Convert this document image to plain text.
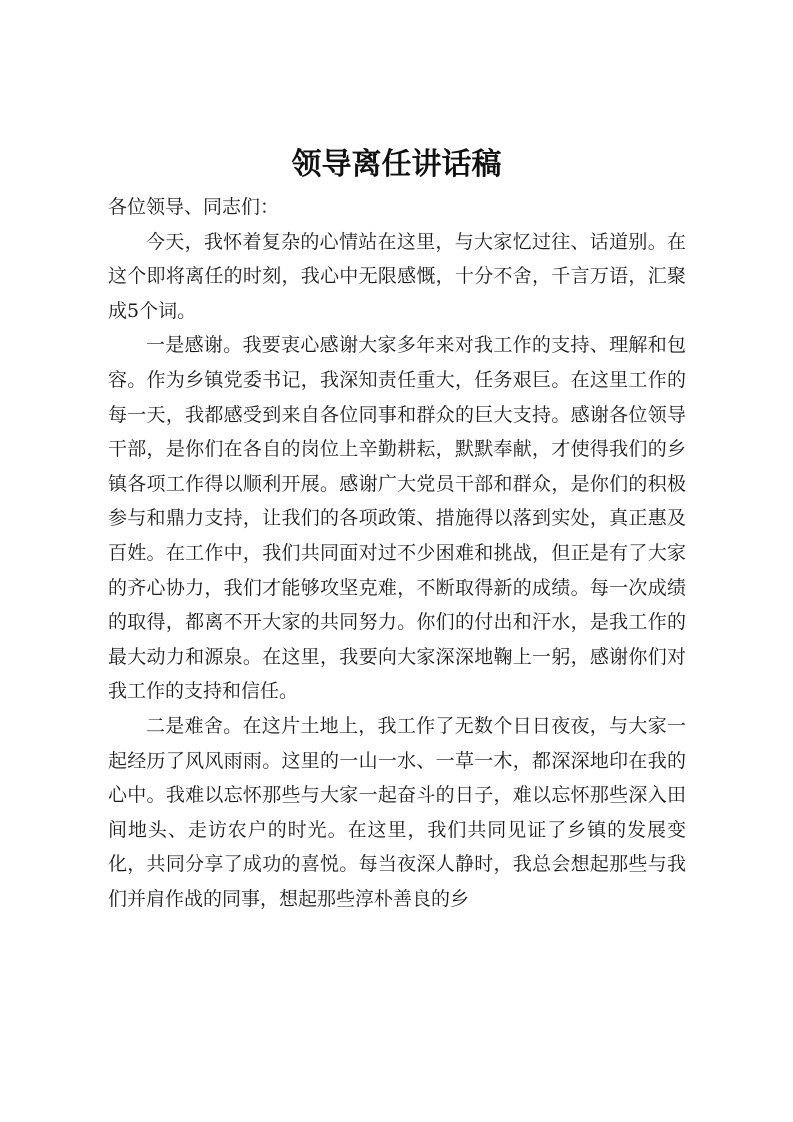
领导离任讲话稿

各位领导、同志们：

今天，我怀着复杂的心情站在这里，与大家忆过往、话道别。在这个即将离任的时刻，我心中无限感慨，十分不舍，千言万语，汇聚成5个词。

一是感谢。我要衷心感谢大家多年来对我工作的支持、理解和包容。作为乡镇党委书记，我深知责任重大，任务艰巨。在这里工作的每一天，我都感受到来自各位同事和群众的巨大支持。感谢各位领导干部，是你们在各自的岗位上辛勤耕耘，默默奉献，才使得我们的乡镇各项工作得以顺利开展。感谢广大党员干部和群众，是你们的积极参与和鼎力支持，让我们的各项政策、措施得以落到实处，真正惠及百姓。在工作中，我们共同面对过不少困难和挑战，但正是有了大家的齐心协力，我们才能够攻坚克难，不断取得新的成绩。每一次成绩的取得，都离不开大家的共同努力。你们的付出和汗水，是我工作的最大动力和源泉。在这里，我要向大家深深地鞠上一躬，感谢你们对我工作的支持和信任。

二是难舍。在这片土地上，我工作了无数个日日夜夜，与大家一起经历了风风雨雨。这里的一山一水、一草一木，都深深地印在我的心中。我难以忘怀那些与大家一起奋斗的日子，难以忘怀那些深入田间地头、走访农户的时光。在这里，我们共同见证了乡镇的发展变化，共同分享了成功的喜悦。每当夜深人静时，我总会想起那些与我们并肩作战的同事，想起那些淳朴善良的乡
